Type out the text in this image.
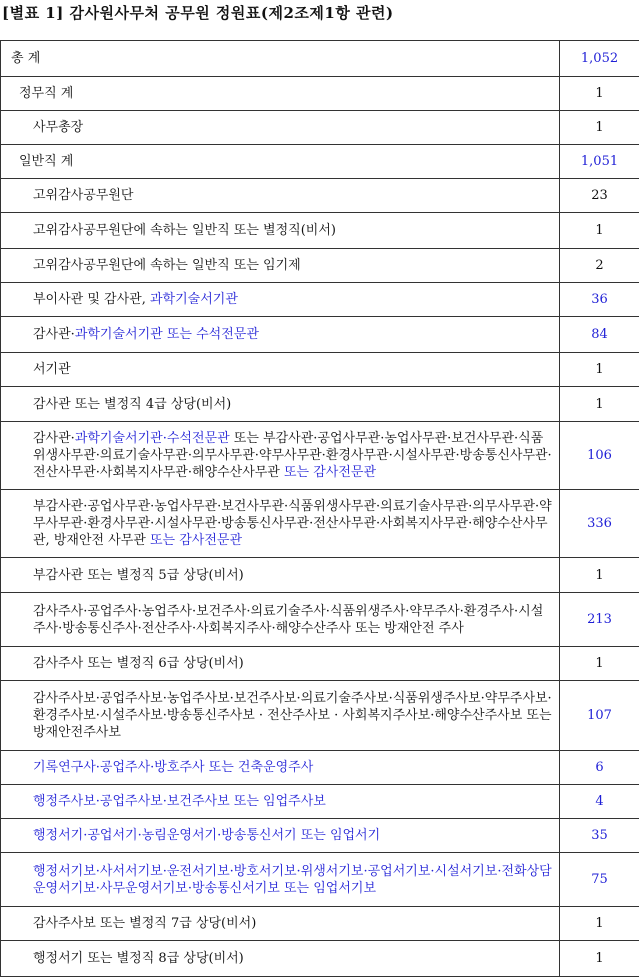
[별표 1] 감사원사무처 공무원 정원표(제2조제1항 관련)
총 계	1,052
정무직 계	1
사무총장	1
일반직 계	1,051
고위감사공무원단	23
고위감사공무원단에 속하는 일반직 또는 별정직(비서)	1
고위감사공무원단에 속하는 일반직 또는 임기제	2
부이사관 및 감사관, 과학기술서기관	36
감사관·과학기술서기관 또는 수석전문관	84
서기관	1
감사관 또는 별정직 4급 상당(비서)	1
감사관·과학기술서기관·수석전문관 또는 부감사관·공업사무관·농업사무관·보건사무관·식품위생사무관·의료기술사무관·의무사무관·약무사무관·환경사무관·시설사무관·방송통신사무관·전산사무관·사회복지사무관·해양수산사무관 또는 감사전문관	106
부감사관·공업사무관·농업사무관·보건사무관·식품위생사무관·의료기술사무관·의무사무관·약무사무관·환경사무관·시설사무관·방송통신사무관·전산사무관·사회복지사무관·해양수산사무관, 방재안전 사무관 또는 감사전문관	336
부감사관 또는 별정직 5급 상당(비서)	1
감사주사·공업주사·농업주사·보건주사·의료기술주사·식품위생주사·약무주사·환경주사·시설주사·방송통신주사·전산주사·사회복지주사·해양수산주사 또는 방재안전 주사	213
감사주사 또는 별정직 6급 상당(비서)	1
감사주사보·공업주사보·농업주사보·보건주사보·의료기술주사보·식품위생주사보·약무주사보·환경주사보·시설주사보·방송통신주사보 · 전산주사보 · 사회복지주사보·해양수산주사보 또는 방재안전주사보	107
기록연구사·공업주사·방호주사 또는 건축운영주사	6
행정주사보·공업주사보·보건주사보 또는 임업주사보	4
행정서기·공업서기·농림운영서기·방송통신서기 또는 임업서기	35
행정서기보·사서서기보·운전서기보·방호서기보·위생서기보·공업서기보·시설서기보·전화상담운영서기보·사무운영서기보·방송통신서기보 또는 임업서기보	75
감사주사보 또는 별정직 7급 상당(비서)	1
행정서기 또는 별정직 8급 상당(비서)	1
